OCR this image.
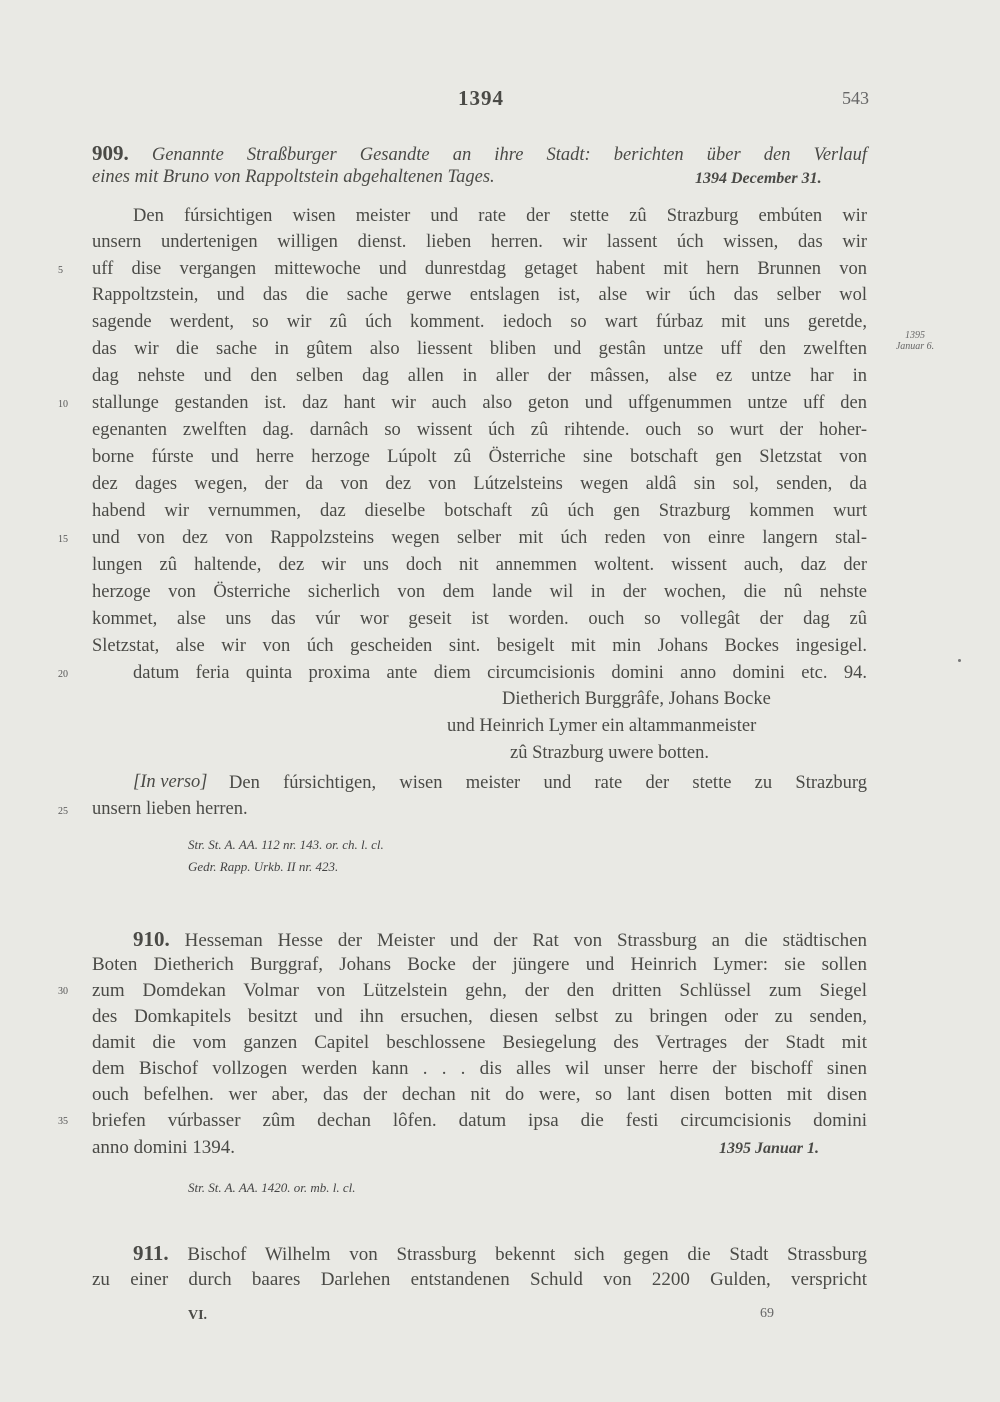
1394	543
909. Genannte Straßburger Gesandte an ihre Stadt: berichten über den Verlauf
eines mit Bruno von Rappoltstein abgehaltenen Tages.	1394 December 31.
Den fúrsichtigen wisen meister und rate der stette zû Strazburg embúten wir
unsern undertenigen willigen dienst. lieben herren. wir lassent úch wissen, das wir
uff dise vergangen mittewoche und dunrestdag getaget habent mit hern Brunnen von
Rappoltzstein, und das die sache gerwe entslagen ist, alse wir úch das selber wol
sagende werdent, so wir zû úch komment. iedoch so wart fúrbaz mit uns geretde,
das wir die sache in gûtem also liessent bliben und gestân untze uff den zwelften
dag nehste und den selben dag allen in aller der mâssen, alse ez untze har in
stallunge gestanden ist. daz hant wir auch also geton und uffgenummen untze uff den
egenanten zwelften dag. darnâch so wissent úch zû rihtende. ouch so wurt der hoher-
borne fúrste und herre herzoge Lúpolt zû Österriche sine botschaft gen Sletzstat von
dez dages wegen, der da von dez von Lútzelsteins wegen aldâ sin sol, senden, da
habend wir vernummen, daz dieselbe botschaft zû úch gen Strazburg kommen wurt
und von dez von Rappolzsteins wegen selber mit úch reden von einre langern stal-
lungen zû haltende, dez wir uns doch nit annemmen woltent. wissent auch, daz der
herzoge von Österriche sicherlich von dem lande wil in der wochen, die nû nehste
kommet, alse uns das vúr wor geseit ist worden. ouch so vollegât der dag zû
Sletzstat, alse wir von úch gescheiden sint. besigelt mit min Johans Bockes ingesigel.
datum feria quinta proxima ante diem circumcisionis domini anno domini etc. 94.
Dietherich Burggrâfe, Johans Bocke
und Heinrich Lymer ein altammanmeister
zû Strazburg uwere botten.
[In verso] Den fúrsichtigen, wisen meister und rate der stette zu Strazburg
unsern lieben herren.
Str. St. A. AA. 112 nr. 143. or. ch. l. cl.
Gedr. Rapp. Urkb. II nr. 423.
1395
Januar 6.
910. Hesseman Hesse der Meister und der Rat von Strassburg an die städtischen
Boten Dietherich Burggraf, Johans Bocke der jüngere und Heinrich Lymer: sie sollen
zum Domdekan Volmar von Lützelstein gehn, der den dritten Schlüssel zum Siegel
des Domkapitels besitzt und ihn ersuchen, diesen selbst zu bringen oder zu senden,
damit die vom ganzen Capitel beschlossene Besiegelung des Vertrages der Stadt mit
dem Bischof vollzogen werden kann . . . dis alles wil unser herre der bischoff sinen
ouch befelhen. wer aber, das der dechan nit do were, so lant disen botten mit disen
briefen vúrbasser zûm dechan lôfen. datum ipsa die festi circumcisionis domini
anno domini 1394.	1395 Januar 1.
Str. St. A. AA. 1420. or. mb. l. cl.
911. Bischof Wilhelm von Strassburg bekennt sich gegen die Stadt Strassburg
zu einer durch baares Darlehen entstandenen Schuld von 2200 Gulden, verspricht
VI.	69
5
10
15
20
25
30
35
